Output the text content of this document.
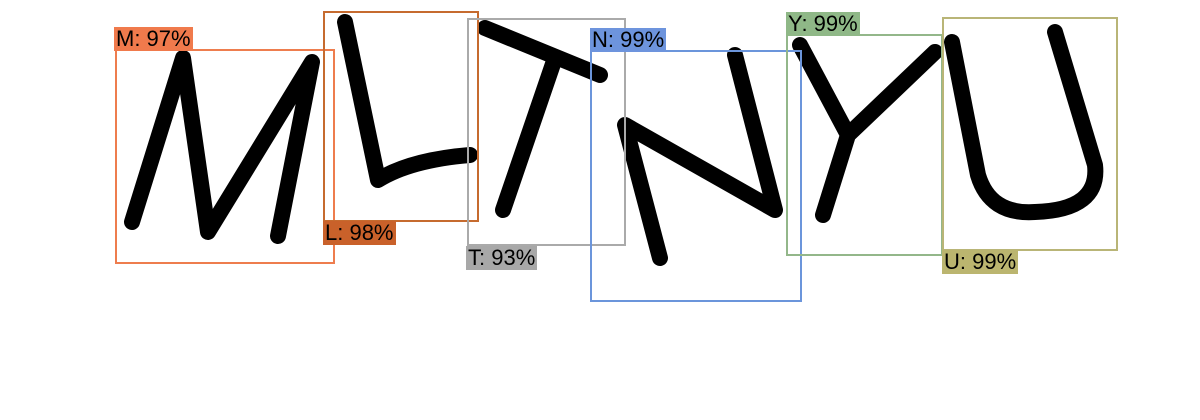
M: 97%
L: 98%
T: 93%
N: 99%
Y: 99%
U: 99%
